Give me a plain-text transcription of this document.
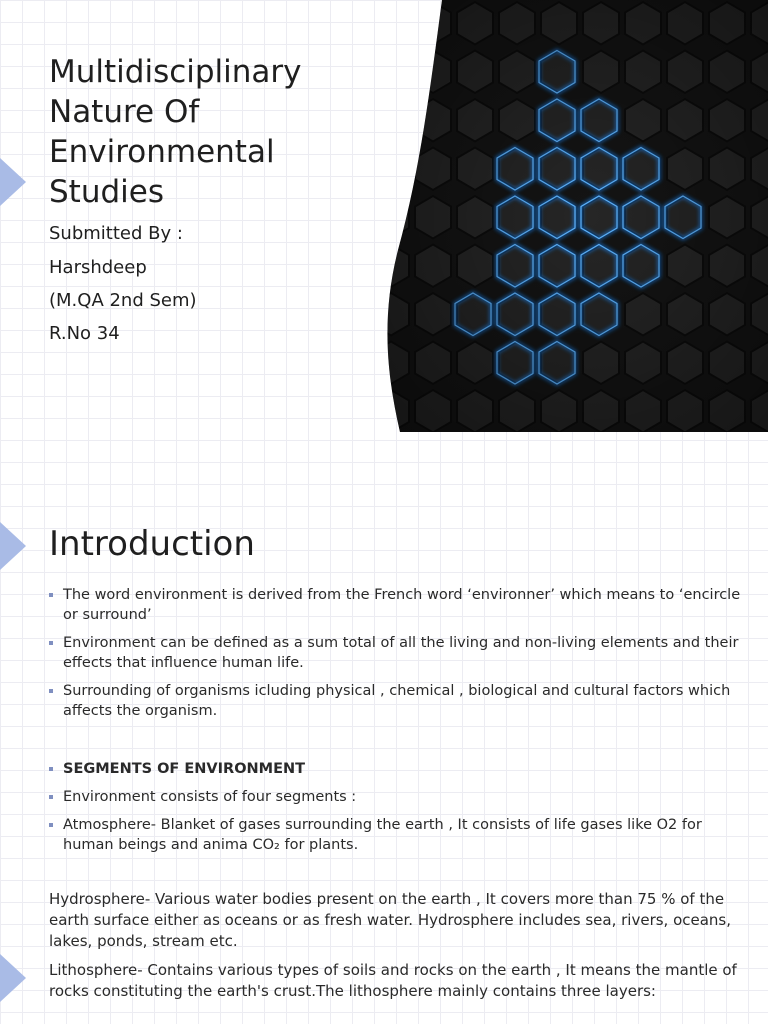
Multidisciplinary Nature Of Environmental Studies

Submitted By :

Harshdeep

(M.QA 2nd Sem)

R.No 34

Introduction
The word environment is derived from the French word ‘environner’ which means to ‘encircle or surround’
Environment can be defined as a sum total of all the living and non-living elements and their effects that influence human life.
Surrounding of organisms icluding physical , chemical , biological and cultural factors which affects the organism.
SEGMENTS OF ENVIRONMENT
Environment consists of four segments :
Atmosphere- Blanket of gases surrounding the earth , It consists of life gases like O2 for human beings and anima CO₂ for plants.

Hydrosphere- Various water bodies present on the earth , It covers more than 75 % of the earth surface either as oceans or as fresh water. Hydrosphere includes sea, rivers, oceans, lakes, ponds, stream etc.

Lithosphere- Contains various types of soils and rocks on the earth , It means the mantle of rocks constituting the earth's crust.The lithosphere mainly contains three layers:
